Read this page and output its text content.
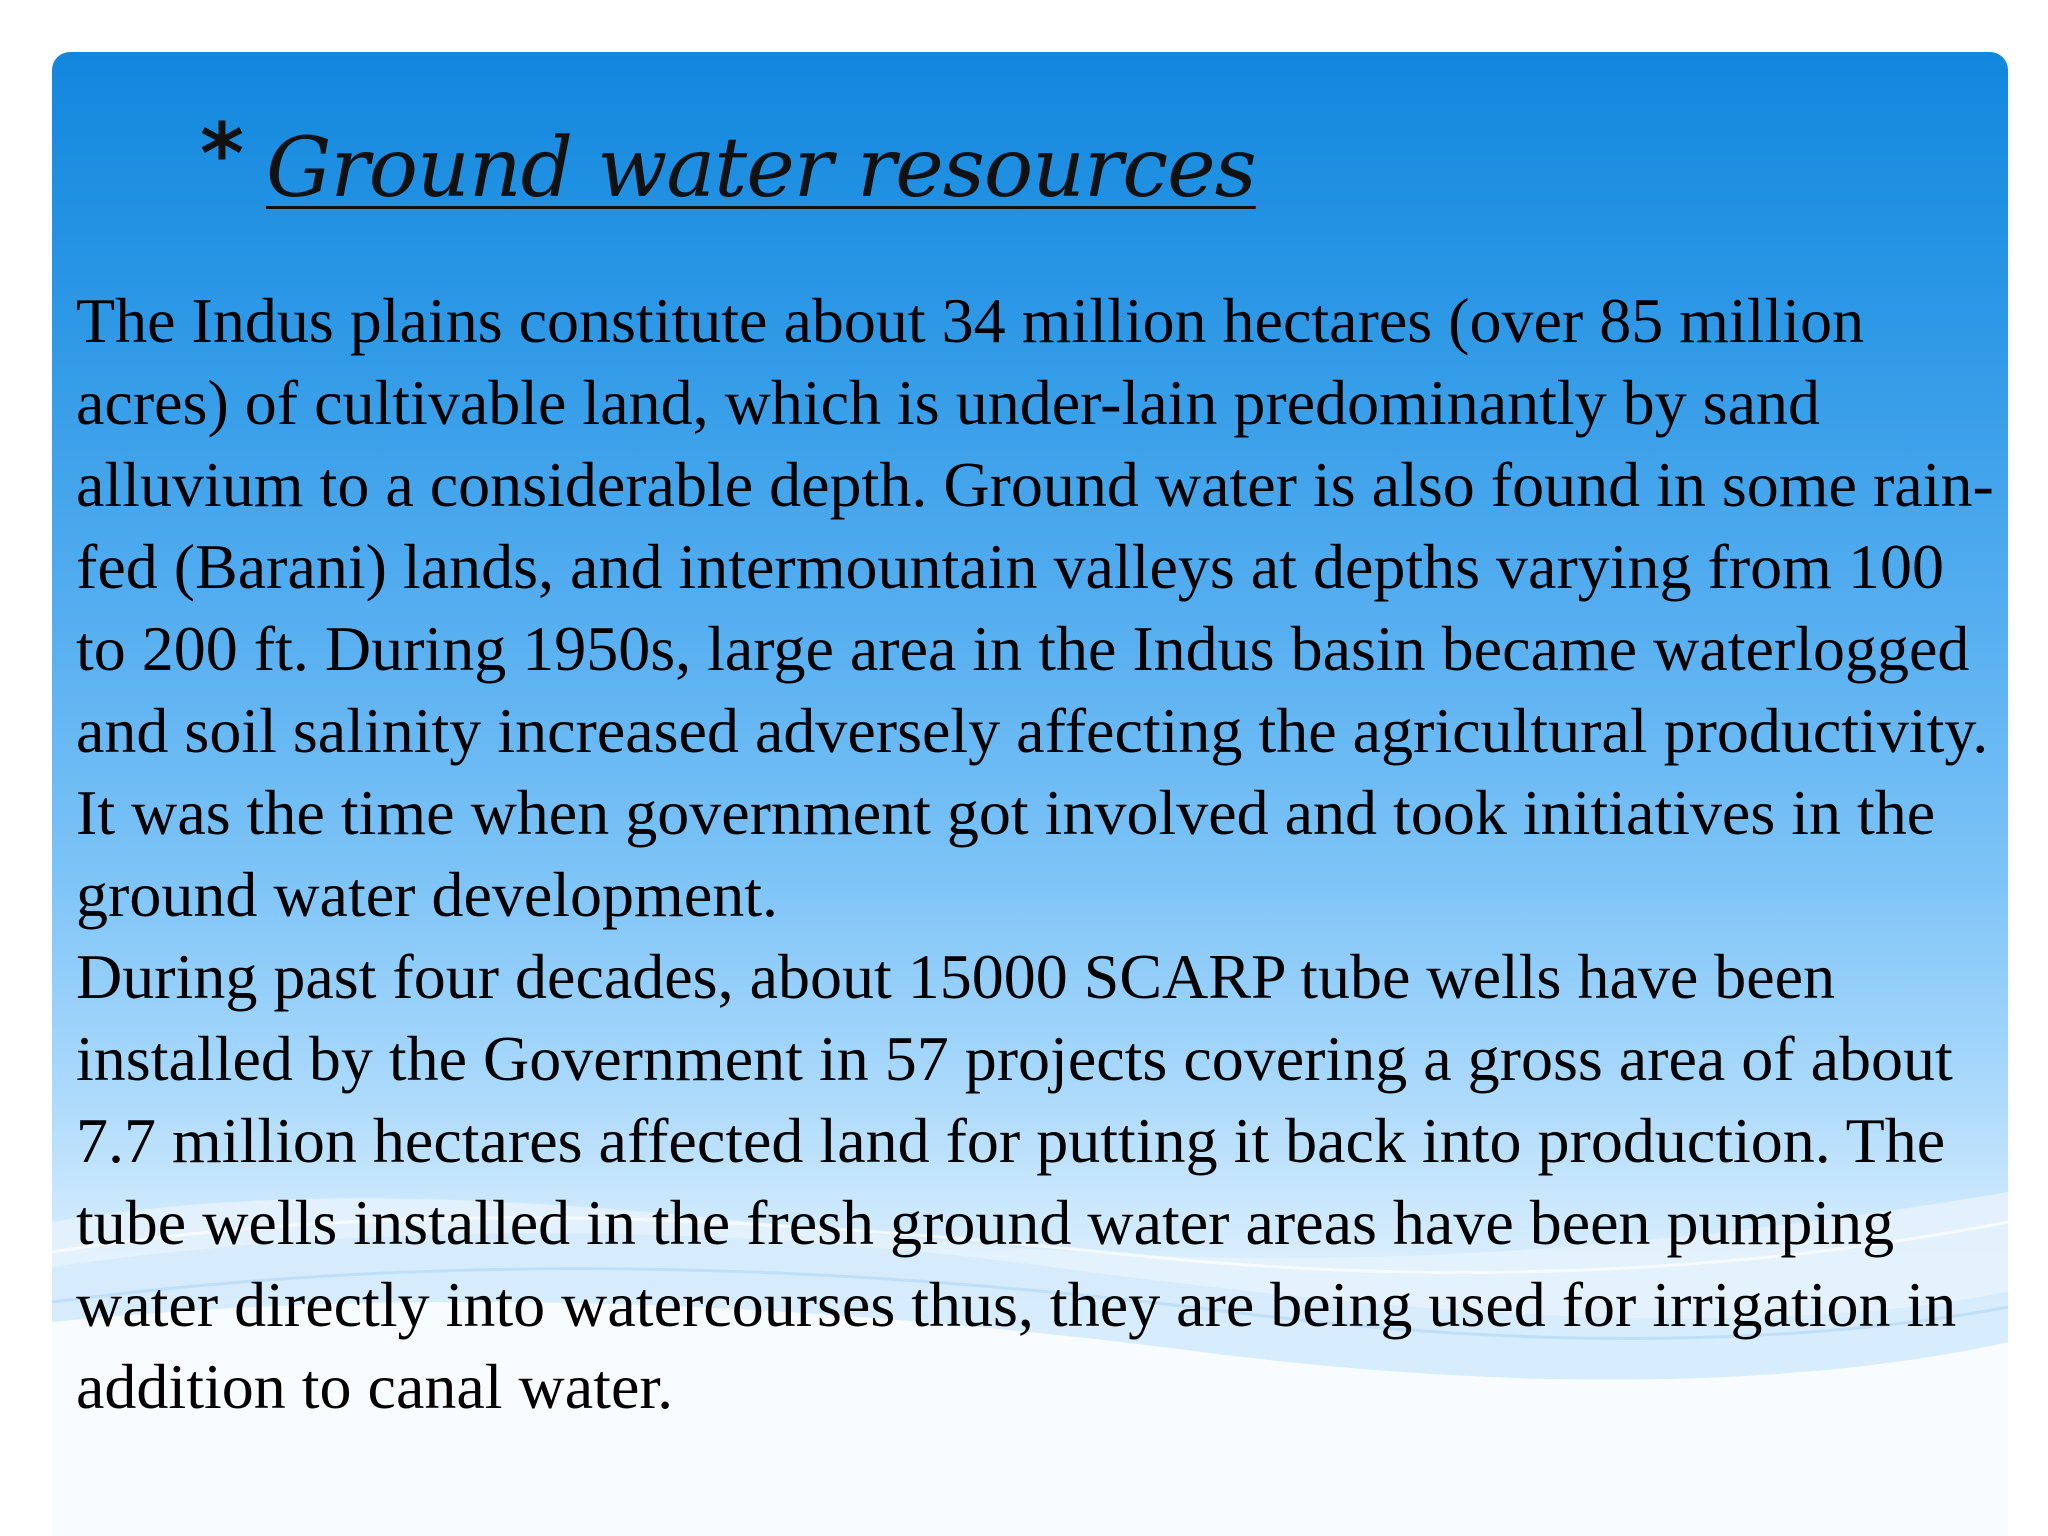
* Ground water resources

The Indus plains constitute about 34 million hectares (over 85 million acres) of cultivable land, which is under-lain predominantly by sand alluvium to a considerable depth. Ground water is also found in some rain-fed (Barani) lands, and intermountain valleys at depths varying from 100 to 200 ft. During 1950s, large area in the Indus basin became waterlogged and soil salinity increased adversely affecting the agricultural productivity. It was the time when government got involved and took initiatives in the ground water development.

During past four decades, about 15000 SCARP tube wells have been installed by the Government in 57 projects covering a gross area of about 7.7 million hectares affected land for putting it back into production. The tube wells installed in the fresh ground water areas have been pumping water directly into watercourses thus, they are being used for irrigation in addition to canal water.
